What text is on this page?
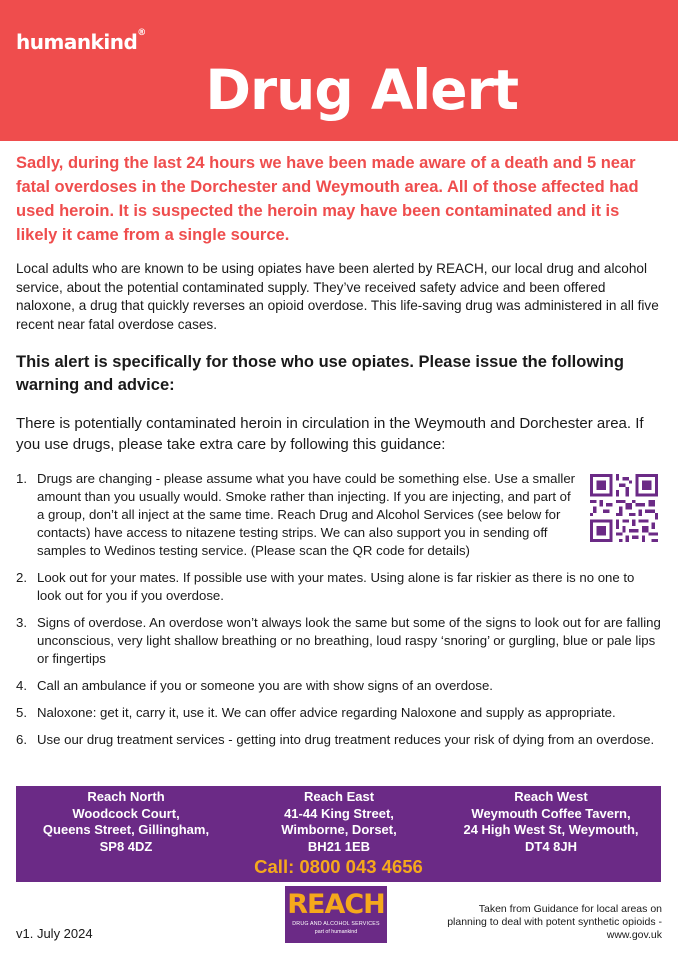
humankind®
Drug Alert

Sadly, during the last 24 hours we have been made aware of a death and 5 near fatal overdoses in the Dorchester and Weymouth area. All of those affected had used heroin. It is suspected the heroin may have been contaminated and it is likely it came from a single source.

Local adults who are known to be using opiates have been alerted by REACH, our local drug and alcohol service, about the potential contaminated supply. They’ve received safety advice and been offered naloxone, a drug that quickly reverses an opioid overdose. This life-saving drug was administered in all five recent near fatal overdose cases.

This alert is specifically for those who use opiates. Please issue the following warning and advice:

There is potentially contaminated heroin in circulation in the Weymouth and Dorchester area. If you use drugs, please take extra care by following this guidance:

1. Drugs are changing - please assume what you have could be something else. Use a smaller amount than you usually would. Smoke rather than injecting. If you are injecting, and part of a group, don’t all inject at the same time. Reach Drug and Alcohol Services (see below for contacts) have access to nitazene testing strips. We can also support you in sending off samples to Wedinos testing service. (Please scan the QR code for details)
2. Look out for your mates. If possible use with your mates. Using alone is far riskier as there is no one to look out for you if you overdose.
3. Signs of overdose. An overdose won’t always look the same but some of the signs to look out for are falling unconscious, very light shallow breathing or no breathing, loud raspy ‘snoring’ or gurgling, blue or pale lips or fingertips
4. Call an ambulance if you or someone you are with show signs of an overdose.
5. Naloxone: get it, carry it, use it. We can offer advice regarding Naloxone and supply as appropriate.
6. Use our drug treatment services - getting into drug treatment reduces your risk of dying from an overdose.
Reach North
Woodcock Court,
Queens Street, Gillingham,
SP8 4DZ
Reach East
41-44 King Street,
Wimborne, Dorset,
BH21 1EB
Reach West
Weymouth Coffee Tavern,
24 High West St, Weymouth,
DT4 8JH
Call: 0800 043 4656
v1. July 2024
REACH
DRUG AND ALCOHOL SERVICES
part of humankind
Taken from Guidance for local areas on planning to deal with potent synthetic opioids - www.gov.uk
